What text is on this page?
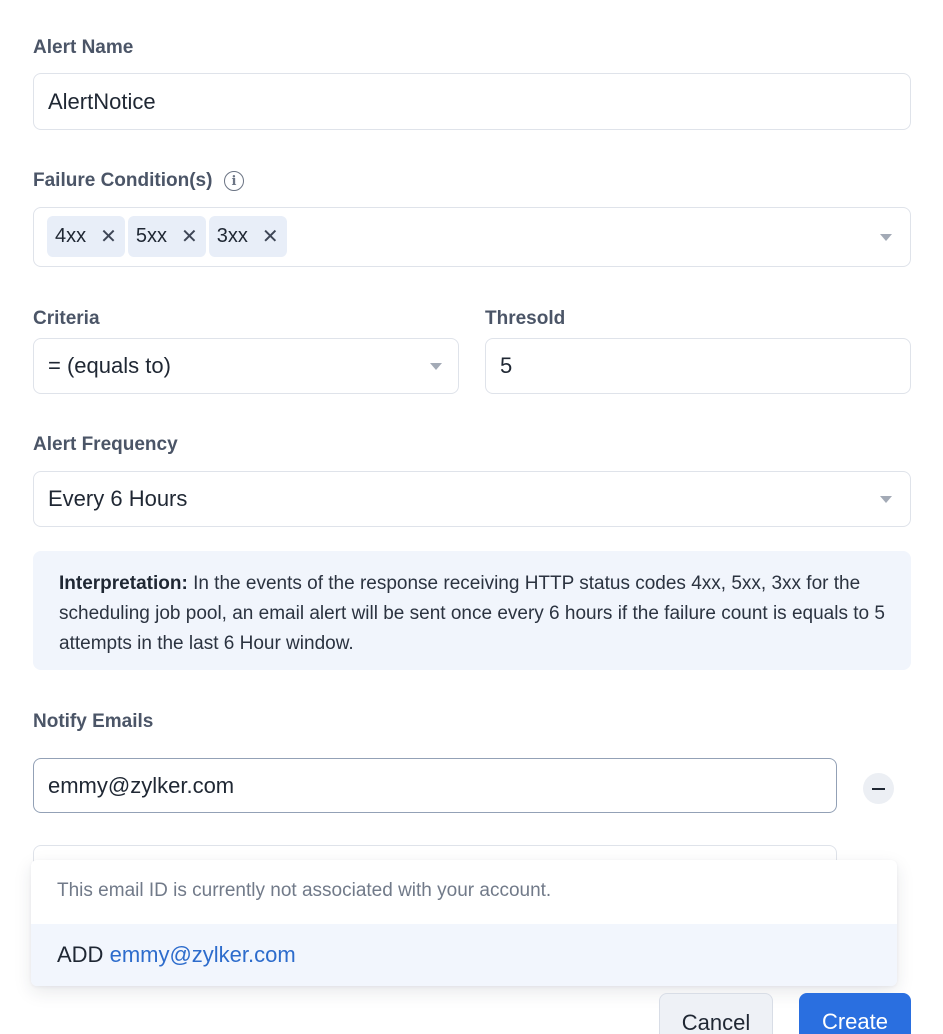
Alert Name
AlertNotice
Failure Condition(s)	i
4xx ✕ 5xx ✕ 3xx ✕
Criteria
= (equals to)
Thresold
5
Alert Frequency
Every 6 Hours
Interpretation: In the events of the response receiving HTTP status codes 4xx, 5xx, 3xx for the scheduling job pool, an email alert will be sent once every 6 hours if the failure count is equals to 5 attempts in the last 6 Hour window.
Notify Emails
emmy@zylker.com
This email ID is currently not associated with your account.
ADD emmy@zylker.com
Cancel	Create
